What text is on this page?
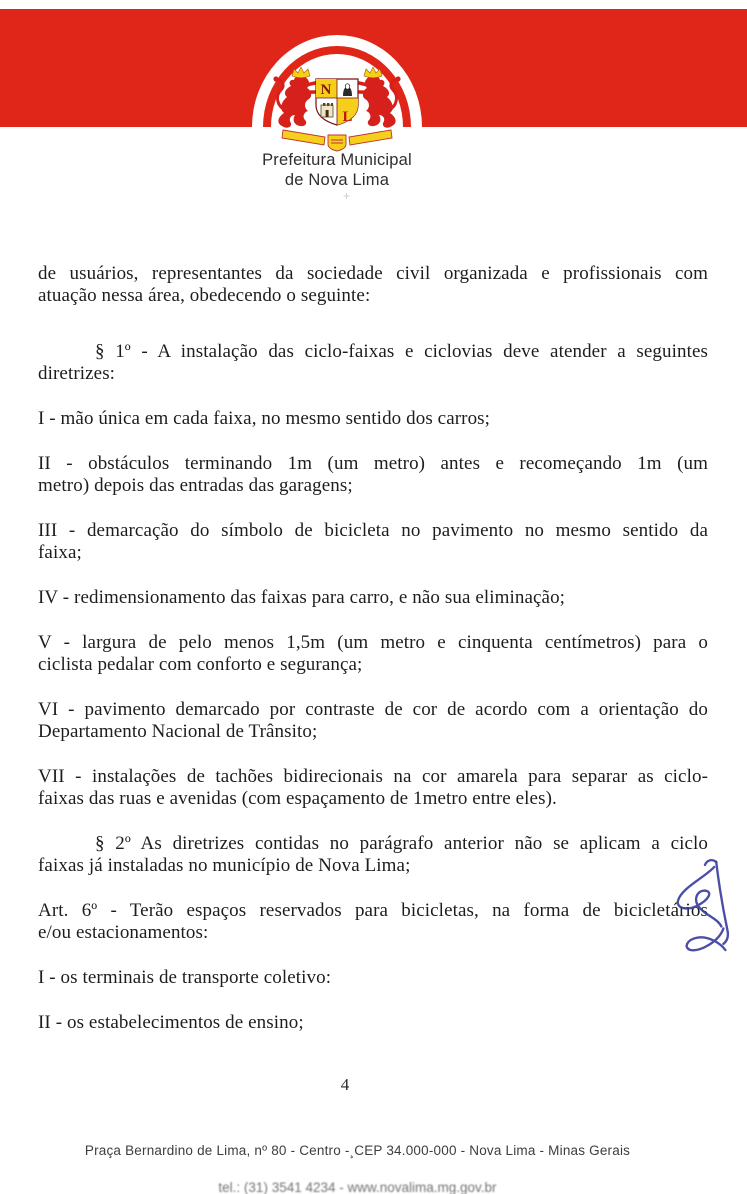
N
L
Prefeitura Municipal
de Nova Lima
+
de usuários, representantes da sociedade civil organizada e profissionais com
atuação nessa área, obedecendo o seguinte:
§ 1º - A instalação das ciclo-faixas e ciclovias deve atender a seguintes
diretrizes:
I - mão única em cada faixa, no mesmo sentido dos carros;
II - obstáculos terminando 1m (um metro) antes e recomeçando 1m (um
metro) depois das entradas das garagens;
III - demarcação do símbolo de bicicleta no pavimento no mesmo sentido da
faixa;
IV - redimensionamento das faixas para carro, e não sua eliminação;
V - largura de pelo menos 1,5m (um metro e cinquenta centímetros) para o
ciclista pedalar com conforto e segurança;
VI - pavimento demarcado por contraste de cor de acordo com a orientação do
Departamento Nacional de Trânsito;
VII - instalações de tachões bidirecionais na cor amarela para separar as ciclo-
faixas das ruas e avenidas (com espaçamento de 1metro entre eles).
§ 2º As diretrizes contidas no parágrafo anterior não se aplicam a ciclo
faixas já instaladas no município de Nova Lima;
Art. 6º - Terão espaços reservados para bicicletas, na forma de bicicletários
e/ou estacionamentos:
I - os terminais de transporte coletivo:
II - os estabelecimentos de ensino;
4
Praça Bernardino de Lima, nº 80 - Centro -¸CEP 34.000-000 - Nova Lima - Minas Gerais
tel.: (31) 3541 4234 - www.novalima.mg.gov.br
